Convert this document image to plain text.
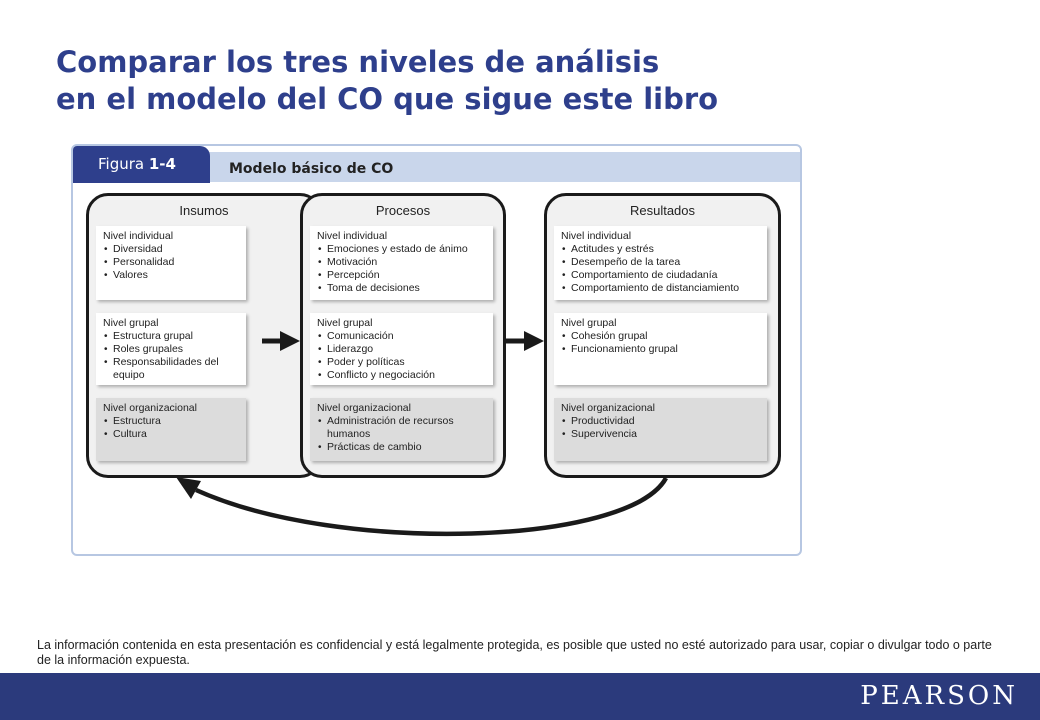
Comparar los tres niveles de análisis
en el modelo del CO que sigue este libro
Figura 1-4	Modelo básico de CO
Insumos
Nivel individual
• Diversidad
• Personalidad
• Valores
Nivel grupal
• Estructura grupal
• Roles grupales
• Responsabilidades del equipo
Nivel organizacional
• Estructura
• Cultura
Procesos
Nivel individual
• Emociones y estado de ánimo
• Motivación
• Percepción
• Toma de decisiones
Nivel grupal
• Comunicación
• Liderazgo
• Poder y políticas
• Conflicto y negociación
Nivel organizacional
• Administración de recursos humanos
• Prácticas de cambio
Resultados
Nivel individual
• Actitudes y estrés
• Desempeño de la tarea
• Comportamiento de ciudadanía
• Comportamiento de distanciamiento
Nivel grupal
• Cohesión grupal
• Funcionamiento grupal
Nivel organizacional
• Productividad
• Supervivencia
La información contenida en esta presentación es confidencial y está legalmente protegida, es posible que usted no esté autorizado para usar, copiar o divulgar todo o parte de la información expuesta.
PEARSON
